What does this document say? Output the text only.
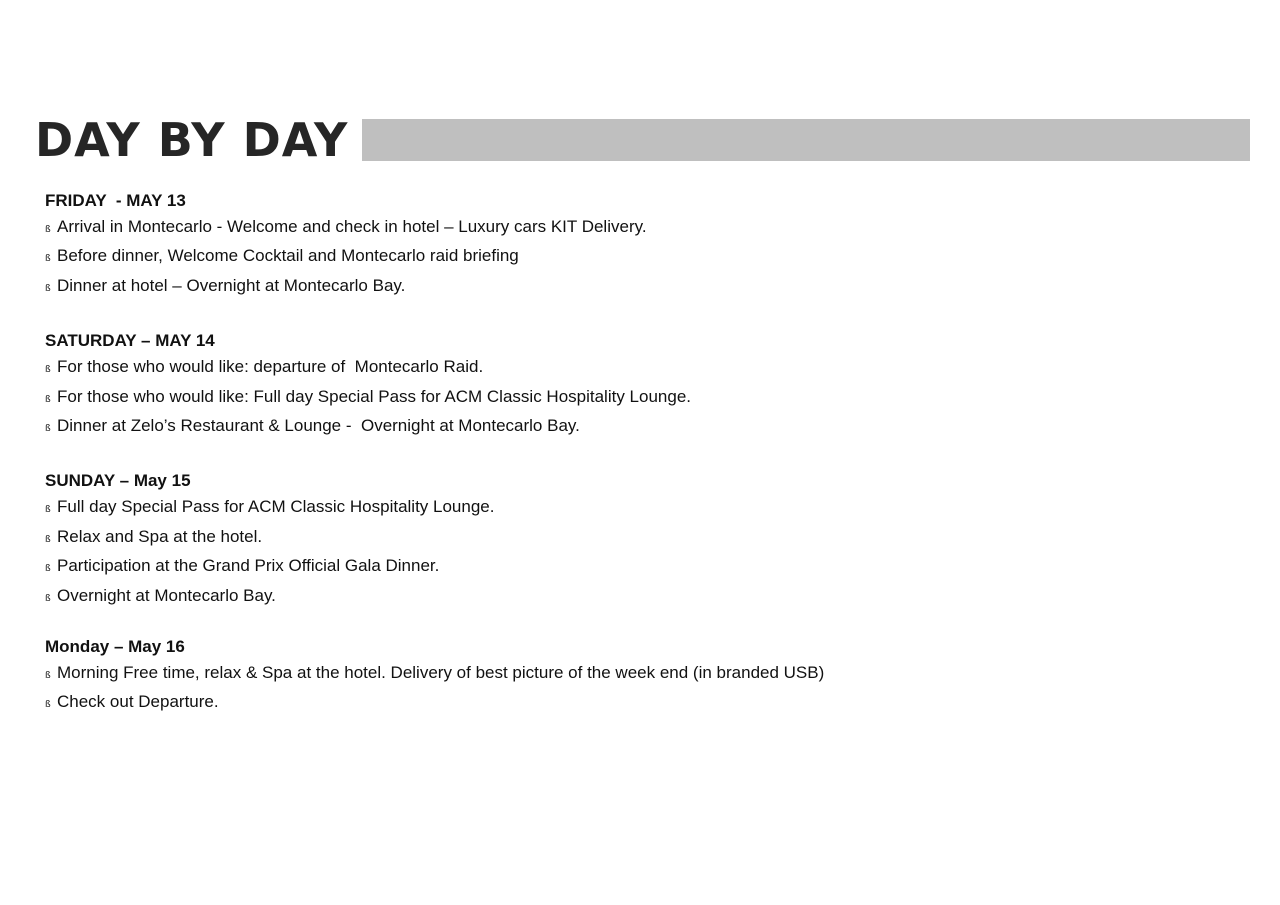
DAY BY DAY
FRIDAY  - MAY 13
ß Arrival in Montecarlo - Welcome and check in hotel – Luxury cars KIT Delivery.
ß Before dinner, Welcome Cocktail and Montecarlo raid briefing
ß Dinner at hotel – Overnight at Montecarlo Bay.
SATURDAY – MAY 14
ß For those who would like: departure of  Montecarlo Raid.
ß For those who would like: Full day Special Pass for ACM Classic Hospitality Lounge.
ß Dinner at Zelo’s Restaurant & Lounge -  Overnight at Montecarlo Bay.
SUNDAY – May 15
ß Full day Special Pass for ACM Classic Hospitality Lounge.
ß Relax and Spa at the hotel.
ß Participation at the Grand Prix Official Gala Dinner.
ß Overnight at Montecarlo Bay.
Monday – May 16
ß Morning Free time, relax & Spa at the hotel. Delivery of best picture of the week end (in branded USB)
ß Check out Departure.
